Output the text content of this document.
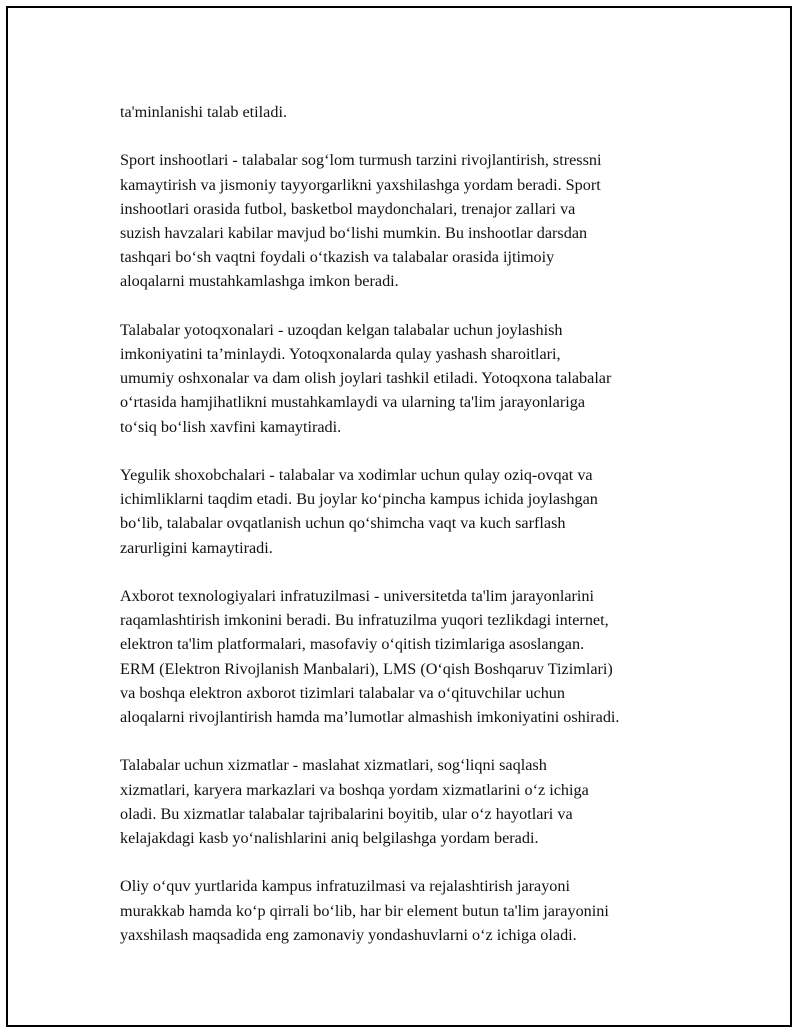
ta'minlanishi talab etiladi.

Sport inshootlari - talabalar sog‘lom turmush tarzini rivojlantirish, stressni
kamaytirish va jismoniy tayyorgarlikni yaxshilashga yordam beradi. Sport
inshootlari orasida futbol, basketbol maydonchalari, trenajor zallari va
suzish havzalari kabilar mavjud bo‘lishi mumkin. Bu inshootlar darsdan
tashqari bo‘sh vaqtni foydali o‘tkazish va talabalar orasida ijtimoiy
aloqalarni mustahkamlashga imkon beradi.

Talabalar yotoqxonalari - uzoqdan kelgan talabalar uchun joylashish
imkoniyatini ta’minlaydi. Yotoqxonalarda qulay yashash sharoitlari,
umumiy oshxonalar va dam olish joylari tashkil etiladi. Yotoqxona talabalar
o‘rtasida hamjihatlikni mustahkamlaydi va ularning ta'lim jarayonlariga
to‘siq bo‘lish xavfini kamaytiradi.

Yegulik shoxobchalari - talabalar va xodimlar uchun qulay oziq-ovqat va
ichimliklarni taqdim etadi. Bu joylar ko‘pincha kampus ichida joylashgan
bo‘lib, talabalar ovqatlanish uchun qo‘shimcha vaqt va kuch sarflash
zarurligini kamaytiradi.

Axborot texnologiyalari infratuzilmasi - universitetda ta'lim jarayonlarini
raqamlashtirish imkonini beradi. Bu infratuzilma yuqori tezlikdagi internet,
elektron ta'lim platformalari, masofaviy o‘qitish tizimlariga asoslangan.
ERM (Elektron Rivojlanish Manbalari), LMS (O‘qish Boshqaruv Tizimlari)
va boshqa elektron axborot tizimlari talabalar va o‘qituvchilar uchun
aloqalarni rivojlantirish hamda ma’lumotlar almashish imkoniyatini oshiradi.

Talabalar uchun xizmatlar - maslahat xizmatlari, sog‘liqni saqlash
xizmatlari, karyera markazlari va boshqa yordam xizmatlarini o‘z ichiga
oladi. Bu xizmatlar talabalar tajribalarini boyitib, ular o‘z hayotlari va
kelajakdagi kasb yo‘nalishlarini aniq belgilashga yordam beradi.

Oliy o‘quv yurtlarida kampus infratuzilmasi va rejalashtirish jarayoni
murakkab hamda ko‘p qirrali bo‘lib, har bir element butun ta'lim jarayonini
yaxshilash maqsadida eng zamonaviy yondashuvlarni o‘z ichiga oladi.
